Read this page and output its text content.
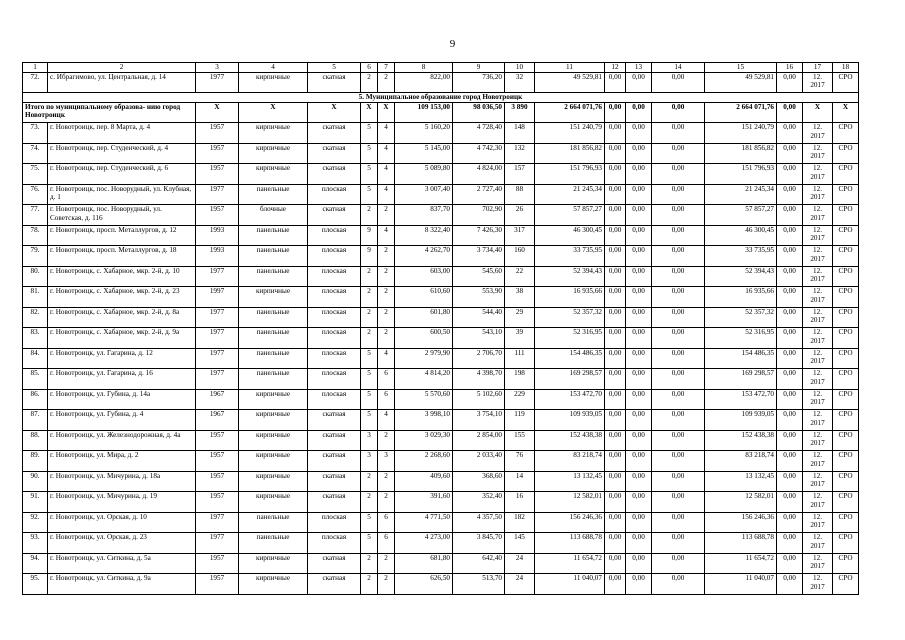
9
1	2	3	4	5	6	7	8	9	10	11	12	13	14	15	16	17	18
72.	с. Ибрагимово, ул. Центральная, д. 14	1977	кирпичные	скатная	2	2	822,00	736,20	32	49 529,81	0,00	0,00	0,00	49 529,81	0,00	12. 2017	СРО
5. Муниципальное образование город Новотроицк																	
Итого по муниципальному образова- нию город Новотроицк		X	X	X	X	X	109 153,00	98 036,50	3 890	2 664 071,76	0,00	0,00	0,00	2 664 071,76	0,00	X	X
73.	г. Новотроицк, пер. 8 Марта, д. 4	1957	кирпичные	скатная	5	4	5 160,20	4 728,40	148	151 240,79	0,00	0,00	0,00	151 240,79	0,00	12. 2017	СРО
74.	г. Новотроицк, пер. Студенческий, д. 4	1957	кирпичные	скатная	5	4	5 145,00	4 742,30	132	181 856,82	0,00	0,00	0,00	181 856,82	0,00	12. 2017	СРО
75.	г. Новотроицк, пер. Студенческий, д. 6	1957	кирпичные	скатная	5	4	5 089,80	4 824,00	157	151 796,93	0,00	0,00	0,00	151 796,93	0,00	12. 2017	СРО
76.	г. Новотроицк, пос. Новорудный, ул. Клубная, д. 1	1977	панельные	плоская	5	4	3 007,40	2 727,40	88	21 245,34	0,00	0,00	0,00	21 245,34	0,00	12. 2017	СРО
77.	г. Новотроицк, пос. Новорудный, ул. Советская, д. 116	1957	блочные	скатная	2	2	837,70	702,90	26	57 857,27	0,00	0,00	0,00	57 857,27	0,00	12. 2017	СРО
78.	г. Новотроицк, просп. Металлургов, д. 12	1993	панельные	плоская	9	4	8 322,40	7 426,30	317	46 300,45	0,00	0,00	0,00	46 300,45	0,00	12. 2017	СРО
79.	г. Новотроицк, просп. Металлургов, д. 18	1993	панельные	плоская	9	2	4 262,70	3 734,40	160	33 735,95	0,00	0,00	0,00	33 735,95	0,00	12. 2017	СРО
80.	г. Новотроицк, с. Хабарное, мкр. 2-й, д. 10	1977	панельные	плоская	2	2	603,00	545,60	22	52 394,43	0,00	0,00	0,00	52 394,43	0,00	12. 2017	СРО
81.	г. Новотроицк, с. Хабарное, мкр. 2-й, д. 23	1997	кирпичные	плоская	2	2	610,60	553,90	38	16 935,66	0,00	0,00	0,00	16 935,66	0,00	12. 2017	СРО
82.	г. Новотроицк, с. Хабарное, мкр. 2-й, д. 8а	1977	панельные	плоская	2	2	601,80	544,40	29	52 357,32	0,00	0,00	0,00	52 357,32	0,00	12. 2017	СРО
83.	г. Новотроицк, с. Хабарное, мкр. 2-й, д. 9а	1977	панельные	плоская	2	2	600,50	543,10	39	52 316,95	0,00	0,00	0,00	52 316,95	0,00	12. 2017	СРО
84.	г. Новотроицк, ул. Гагарина, д. 12	1977	панельные	плоская	5	4	2 979,90	2 706,70	111	154 486,35	0,00	0,00	0,00	154 486,35	0,00	12. 2017	СРО
85.	г. Новотроицк, ул. Гагарина, д. 16	1977	панельные	плоская	5	6	4 814,20	4 398,70	198	169 298,57	0,00	0,00	0,00	169 298,57	0,00	12. 2017	СРО
86.	г. Новотроицк, ул. Губина, д. 14а	1967	кирпичные	плоская	5	6	5 570,60	5 102,60	229	153 472,70	0,00	0,00	0,00	153 472,70	0,00	12. 2017	СРО
87.	г. Новотроицк, ул. Губина, д. 4	1967	кирпичные	скатная	5	4	3 998,10	3 754,10	119	109 939,05	0,00	0,00	0,00	109 939,05	0,00	12. 2017	СРО
88.	г. Новотроицк, ул. Железнодорожная, д. 4а	1957	кирпичные	скатная	3	2	3 029,30	2 854,00	155	152 438,38	0,00	0,00	0,00	152 438,38	0,00	12. 2017	СРО
89.	г. Новотроицк, ул. Мира, д. 2	1957	кирпичные	скатная	3	3	2 268,60	2 033,40	76	83 218,74	0,00	0,00	0,00	83 218,74	0,00	12. 2017	СРО
90.	г. Новотроицк, ул. Мичурина, д. 18а	1957	кирпичные	скатная	2	2	409,60	368,60	14	13 132,45	0,00	0,00	0,00	13 132,45	0,00	12. 2017	СРО
91.	г. Новотроицк, ул. Мичурина, д. 19	1957	кирпичные	скатная	2	2	391,60	352,40	16	12 582,01	0,00	0,00	0,00	12 582,01	0,00	12. 2017	СРО
92.	г. Новотроицк, ул. Орская, д. 10	1977	панельные	плоская	5	6	4 771,50	4 357,50	182	156 246,36	0,00	0,00	0,00	156 246,36	0,00	12. 2017	СРО
93.	г. Новотроицк, ул. Орская, д. 23	1977	панельные	плоская	5	6	4 273,00	3 845,70	145	113 688,78	0,00	0,00	0,00	113 688,78	0,00	12. 2017	СРО
94.	г. Новотроицк, ул. Ситкина, д. 5а	1957	кирпичные	скатная	2	2	681,80	642,40	24	11 654,72	0,00	0,00	0,00	11 654,72	0,00	12. 2017	СРО
95.	г. Новотроицк, ул. Ситкина, д. 9а	1957	кирпичные	скатная	2	2	626,50	513,70	24	11 040,07	0,00	0,00	0,00	11 040,07	0,00	12. 2017	СРО
